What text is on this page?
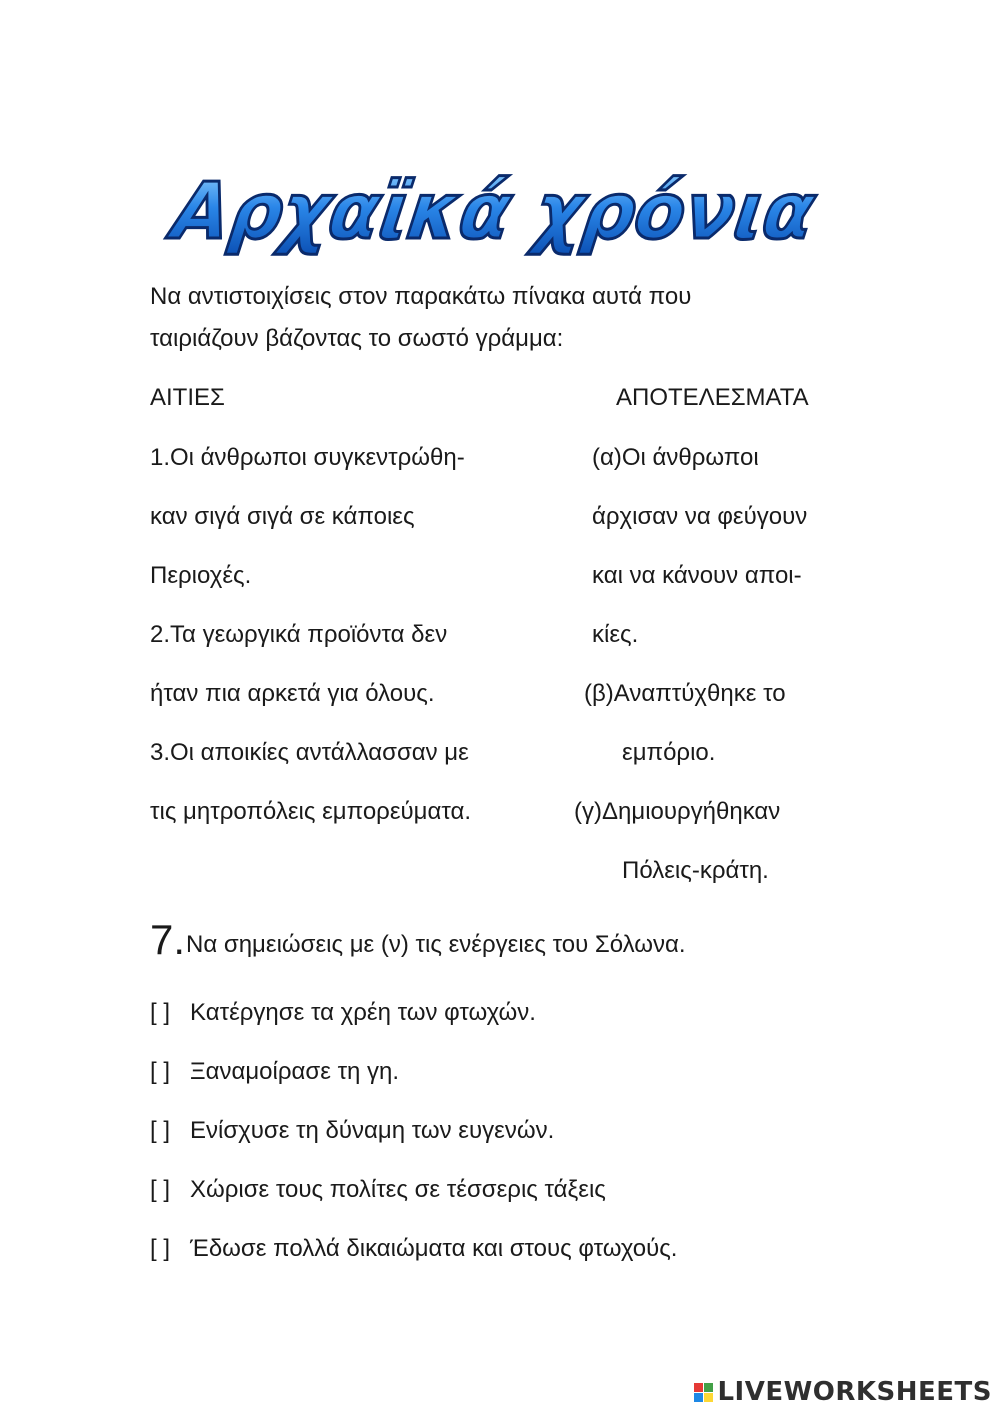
Αρχαϊκά χρόνια
Να αντιστοιχίσεις στον παρακάτω πίνακα αυτά που
ταιριάζουν βάζοντας το σωστό γράμμα:
ΑΙΤΙΕΣ	ΑΠΟΤΕΛΕΣΜΑΤΑ
1.Οι άνθρωποι συγκεντρώθη-
καν σιγά σιγά σε κάποιες
Περιοχές.
2.Τα γεωργικά προϊόντα δεν
ήταν πια αρκετά για όλους.
3.Οι αποικίες αντάλλασσαν με
τις μητροπόλεις εμπορεύματα.
(α)Οι άνθρωποι
άρχισαν να φεύγουν
και να κάνουν αποι-
κίες.
(β)Αναπτύχθηκε το
εμπόριο.
(γ)Δημιουργήθηκαν
Πόλεις-κράτη.
7. Να σημειώσεις με (ν) τις ενέργειες του Σόλωνα.
[ ] Κατέργησε τα χρέη των φτωχών.
[ ] Ξαναμοίρασε τη γη.
[ ] Ενίσχυσε τη δύναμη των ευγενών.
[ ] Χώρισε τους πολίτες σε τέσσερις τάξεις
[ ] Έδωσε πολλά δικαιώματα και στους φτωχούς.
LIVEWORKSHEETS
